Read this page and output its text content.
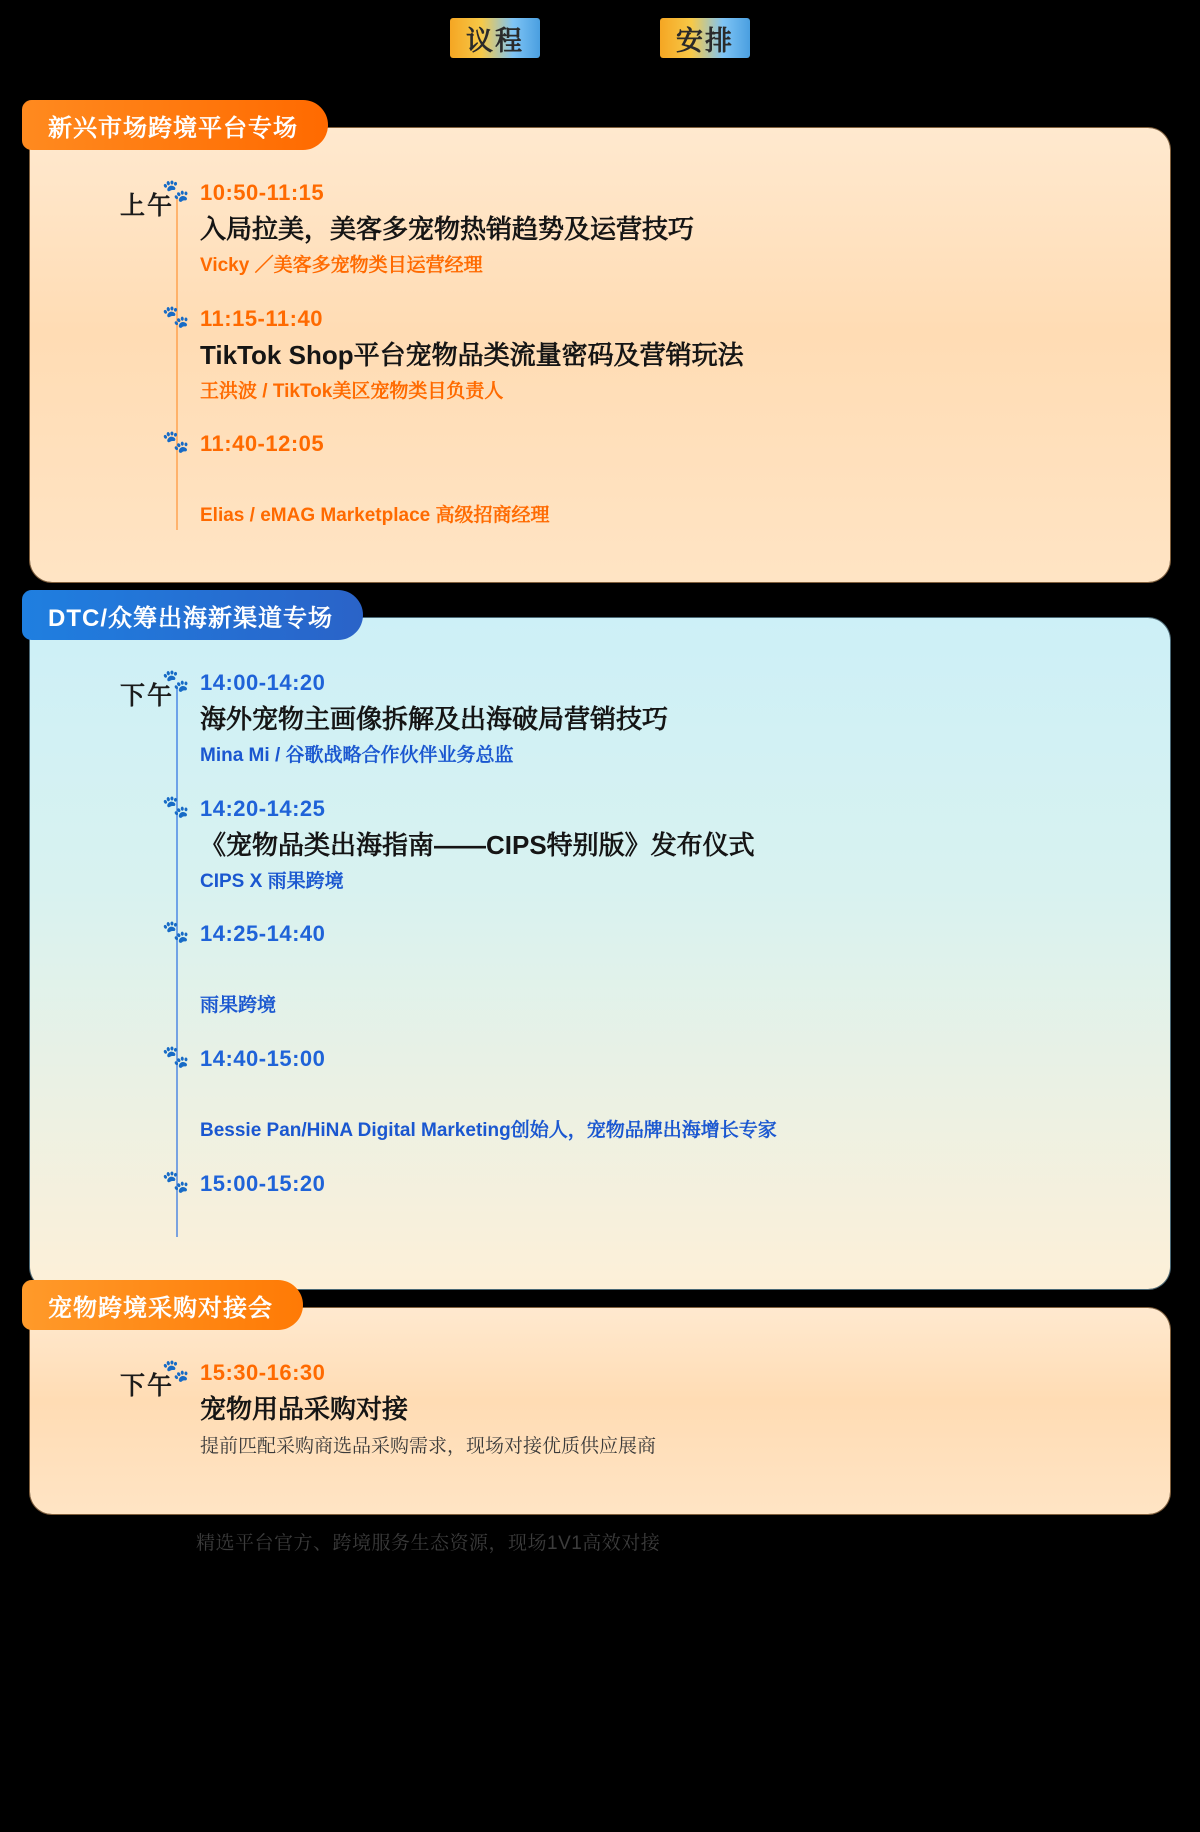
议程	安排
新兴市场跨境平台专场
上午
🐾 10:50-11:15
入局拉美，美客多宠物热销趋势及运营技巧
Vicky ／美客多宠物类目运营经理
🐾 11:15-11:40
TikTok Shop平台宠物品类流量密码及营销玩法
王洪波 / TikTok美区宠物类目负责人
🐾 11:40-12:05
Elias / eMAG Marketplace 高级招商经理
DTC/众筹出海新渠道专场
下午
🐾 14:00-14:20
海外宠物主画像拆解及出海破局营销技巧
Mina Mi / 谷歌战略合作伙伴业务总监
🐾 14:20-14:25
《宠物品类出海指南——CIPS特别版》发布仪式
CIPS X 雨果跨境
🐾 14:25-14:40
雨果跨境
🐾 14:40-15:00
Bessie Pan/HiNA Digital Marketing创始人，宠物品牌出海增长专家
🐾 15:00-15:20
宠物跨境采购对接会
下午
🐾 15:30-16:30
宠物用品采购对接
提前匹配采购商选品采购需求，现场对接优质供应展商
精选平台官方、跨境服务生态资源，现场1V1高效对接
